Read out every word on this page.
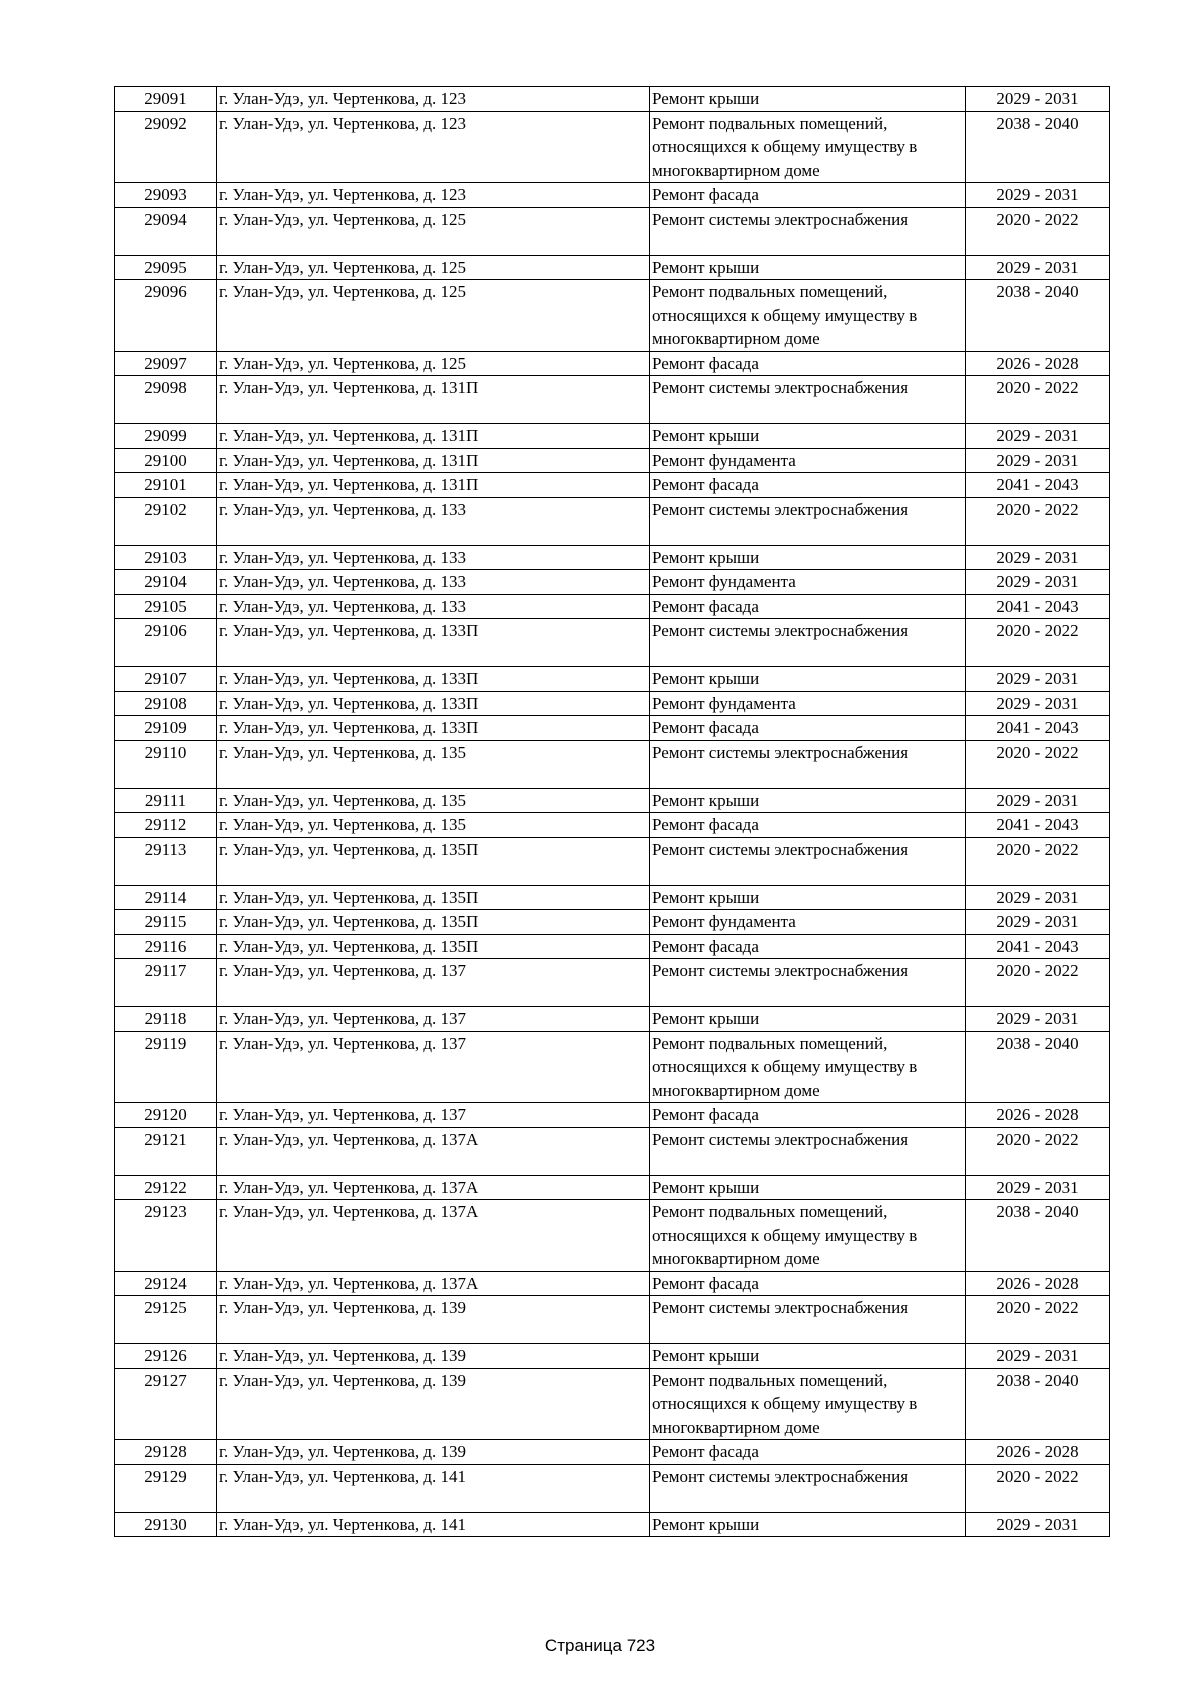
29091	г. Улан-Удэ, ул. Чертенкова, д. 123	Ремонт крыши	2029 - 2031
29092	г. Улан-Удэ, ул. Чертенкова, д. 123	Ремонт подвальных помещений,
относящихся к общему имуществу в
многоквартирном доме	2038 - 2040
29093	г. Улан-Удэ, ул. Чертенкова, д. 123	Ремонт фасада	2029 - 2031
29094	г. Улан-Удэ, ул. Чертенкова, д. 125	Ремонт системы электроснабжения	2020 - 2022
29095	г. Улан-Удэ, ул. Чертенкова, д. 125	Ремонт крыши	2029 - 2031
29096	г. Улан-Удэ, ул. Чертенкова, д. 125	Ремонт подвальных помещений,
относящихся к общему имуществу в
многоквартирном доме	2038 - 2040
29097	г. Улан-Удэ, ул. Чертенкова, д. 125	Ремонт фасада	2026 - 2028
29098	г. Улан-Удэ, ул. Чертенкова, д. 131П	Ремонт системы электроснабжения	2020 - 2022
29099	г. Улан-Удэ, ул. Чертенкова, д. 131П	Ремонт крыши	2029 - 2031
29100	г. Улан-Удэ, ул. Чертенкова, д. 131П	Ремонт фундамента	2029 - 2031
29101	г. Улан-Удэ, ул. Чертенкова, д. 131П	Ремонт фасада	2041 - 2043
29102	г. Улан-Удэ, ул. Чертенкова, д. 133	Ремонт системы электроснабжения	2020 - 2022
29103	г. Улан-Удэ, ул. Чертенкова, д. 133	Ремонт крыши	2029 - 2031
29104	г. Улан-Удэ, ул. Чертенкова, д. 133	Ремонт фундамента	2029 - 2031
29105	г. Улан-Удэ, ул. Чертенкова, д. 133	Ремонт фасада	2041 - 2043
29106	г. Улан-Удэ, ул. Чертенкова, д. 133П	Ремонт системы электроснабжения	2020 - 2022
29107	г. Улан-Удэ, ул. Чертенкова, д. 133П	Ремонт крыши	2029 - 2031
29108	г. Улан-Удэ, ул. Чертенкова, д. 133П	Ремонт фундамента	2029 - 2031
29109	г. Улан-Удэ, ул. Чертенкова, д. 133П	Ремонт фасада	2041 - 2043
29110	г. Улан-Удэ, ул. Чертенкова, д. 135	Ремонт системы электроснабжения	2020 - 2022
29111	г. Улан-Удэ, ул. Чертенкова, д. 135	Ремонт крыши	2029 - 2031
29112	г. Улан-Удэ, ул. Чертенкова, д. 135	Ремонт фасада	2041 - 2043
29113	г. Улан-Удэ, ул. Чертенкова, д. 135П	Ремонт системы электроснабжения	2020 - 2022
29114	г. Улан-Удэ, ул. Чертенкова, д. 135П	Ремонт крыши	2029 - 2031
29115	г. Улан-Удэ, ул. Чертенкова, д. 135П	Ремонт фундамента	2029 - 2031
29116	г. Улан-Удэ, ул. Чертенкова, д. 135П	Ремонт фасада	2041 - 2043
29117	г. Улан-Удэ, ул. Чертенкова, д. 137	Ремонт системы электроснабжения	2020 - 2022
29118	г. Улан-Удэ, ул. Чертенкова, д. 137	Ремонт крыши	2029 - 2031
29119	г. Улан-Удэ, ул. Чертенкова, д. 137	Ремонт подвальных помещений,
относящихся к общему имуществу в
многоквартирном доме	2038 - 2040
29120	г. Улан-Удэ, ул. Чертенкова, д. 137	Ремонт фасада	2026 - 2028
29121	г. Улан-Удэ, ул. Чертенкова, д. 137А	Ремонт системы электроснабжения	2020 - 2022
29122	г. Улан-Удэ, ул. Чертенкова, д. 137А	Ремонт крыши	2029 - 2031
29123	г. Улан-Удэ, ул. Чертенкова, д. 137А	Ремонт подвальных помещений,
относящихся к общему имуществу в
многоквартирном доме	2038 - 2040
29124	г. Улан-Удэ, ул. Чертенкова, д. 137А	Ремонт фасада	2026 - 2028
29125	г. Улан-Удэ, ул. Чертенкова, д. 139	Ремонт системы электроснабжения	2020 - 2022
29126	г. Улан-Удэ, ул. Чертенкова, д. 139	Ремонт крыши	2029 - 2031
29127	г. Улан-Удэ, ул. Чертенкова, д. 139	Ремонт подвальных помещений,
относящихся к общему имуществу в
многоквартирном доме	2038 - 2040
29128	г. Улан-Удэ, ул. Чертенкова, д. 139	Ремонт фасада	2026 - 2028
29129	г. Улан-Удэ, ул. Чертенкова, д. 141	Ремонт системы электроснабжения	2020 - 2022
29130	г. Улан-Удэ, ул. Чертенкова, д. 141	Ремонт крыши	2029 - 2031
Страница 723
